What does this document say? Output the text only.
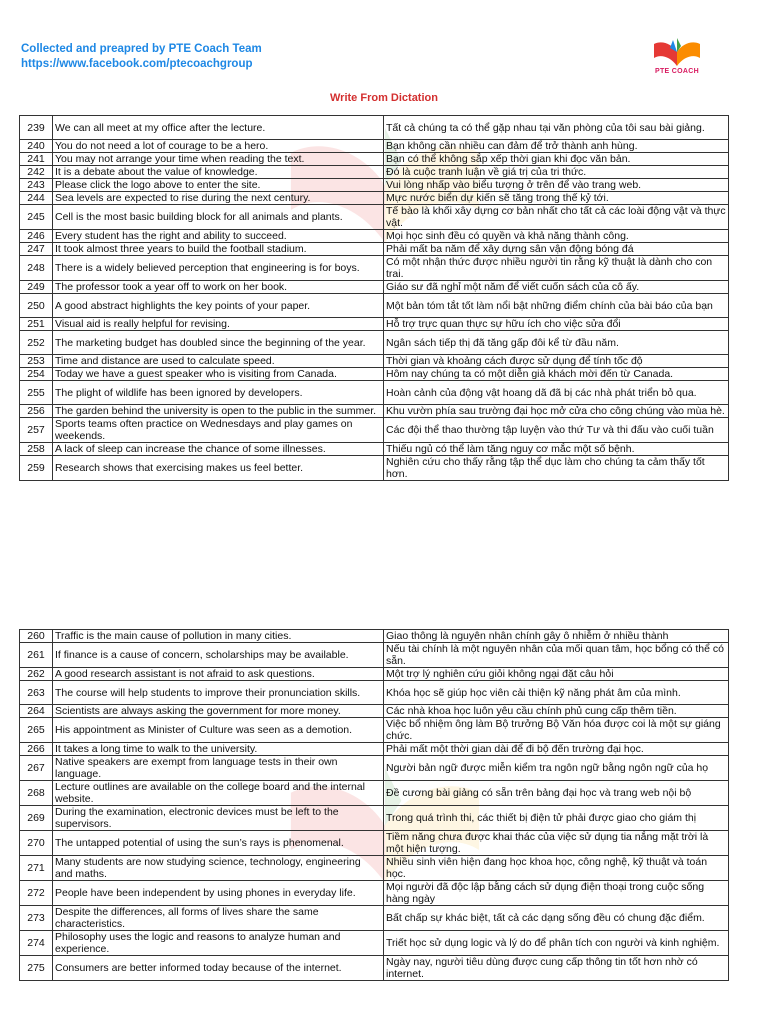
Collected and preapred by PTE Coach Team
https://www.facebook.com/ptecoachgroup
PTE COACH
Write From Dictation
239	We can all meet at my office after the lecture.	Tất cả chúng ta có thể gặp nhau tại văn phòng của tôi sau bài giảng.
240	You do not need a lot of courage to be a hero.	Bạn không cần nhiều can đảm để trở thành anh hùng.
241	You may not arrange your time when reading the text.	Bạn có thể không sắp xếp thời gian khi đọc văn bản.
242	It is a debate about the value of knowledge.	Đó là cuộc tranh luận về giá trị của tri thức.
243	Please click the logo above to enter the site.	Vui lòng nhấp vào biểu tượng ở trên để vào trang web.
244	Sea levels are expected to rise during the next century.	Mực nước biển dự kiến sẽ tăng trong thế kỷ tới.
245	Cell is the most basic building block for all animals and plants.	Tế bào là khối xây dựng cơ bản nhất cho tất cả các loài động vật và thực vật.
246	Every student has the right and ability to succeed.	Mọi học sinh đều có quyền và khả năng thành công.
247	It took almost three years to build the football stadium.	Phải mất ba năm để xây dựng sân vận động bóng đá
248	There is a widely believed perception that engineering is for boys.	Có một nhận thức được nhiều người tin rằng kỹ thuật là dành cho con trai.
249	The professor took a year off to work on her book.	Giáo sư đã nghỉ một năm để viết cuốn sách của cô ấy.
250	A good abstract highlights the key points of your paper.	Một bản tóm tắt tốt làm nổi bật những điểm chính của bài báo của bạn
251	Visual aid is really helpful for revising.	Hỗ trợ trực quan thực sự hữu ích cho việc sửa đổi
252	The marketing budget has doubled since the beginning of the year.	Ngân sách tiếp thị đã tăng gấp đôi kể từ đầu năm.
253	Time and distance are used to calculate speed.	Thời gian và khoảng cách được sử dụng để tính tốc độ
254	Today we have a guest speaker who is visiting from Canada.	Hôm nay chúng ta có một diễn giả khách mời đến từ Canada.
255	The plight of wildlife has been ignored by developers.	Hoàn cảnh của động vật hoang dã đã bị các nhà phát triển bỏ qua.
256	The garden behind the university is open to the public in the summer.	Khu vườn phía sau trường đại học mở cửa cho công chúng vào mùa hè.
257	Sports teams often practice on Wednesdays and play games on weekends.	Các đội thể thao thường tập luyện vào thứ Tư và thi đấu vào cuối tuần
258	A lack of sleep can increase the chance of some illnesses.	Thiếu ngủ có thể làm tăng nguy cơ mắc một số bệnh.
259	Research shows that exercising makes us feel better.	Nghiên cứu cho thấy rằng tập thể dục làm cho chúng ta cảm thấy tốt hơn.
260	Traffic is the main cause of pollution in many cities.	Giao thông là nguyên nhân chính gây ô nhiễm ở nhiều thành
261	If finance is a cause of concern, scholarships may be available.	Nếu tài chính là một nguyên nhân của mối quan tâm, học bổng có thể có sẵn.
262	A good research assistant is not afraid to ask questions.	Một trợ lý nghiên cứu giỏi không ngại đặt câu hỏi
263	The course will help students to improve their pronunciation skills.	Khóa học sẽ giúp học viên cải thiện kỹ năng phát âm của mình.
264	Scientists are always asking the government for more money.	Các nhà khoa học luôn yêu cầu chính phủ cung cấp thêm tiền.
265	His appointment as Minister of Culture was seen as a demotion.	Việc bổ nhiệm ông làm Bộ trưởng Bộ Văn hóa được coi là một sự giáng chức.
266	It takes a long time to walk to the university.	Phải mất một thời gian dài để đi bộ đến trường đại học.
267	Native speakers are exempt from language tests in their own language.	Người bản ngữ được miễn kiểm tra ngôn ngữ bằng ngôn ngữ của họ
268	Lecture outlines are available on the college board and the internal website.	Đề cương bài giảng có sẵn trên bảng đại học và trang web nội bộ
269	During the examination, electronic devices must be left to the supervisors.	Trong quá trình thi, các thiết bị điện tử phải được giao cho giám thị
270	The untapped potential of using the sun’s rays is phenomenal.	Tiềm năng chưa được khai thác của việc sử dụng tia nắng mặt trời là một hiện tượng.
271	Many students are now studying science, technology, engineering and maths.	Nhiều sinh viên hiện đang học khoa học, công nghệ, kỹ thuật và toán học.
272	People have been independent by using phones in everyday life.	Mọi người đã độc lập bằng cách sử dụng điện thoại trong cuộc sống hàng ngày
273	Despite the differences, all forms of lives share the same characteristics.	Bất chấp sự khác biệt, tất cả các dạng sống đều có chung đặc điểm.
274	Philosophy uses the logic and reasons to analyze human and experience.	Triết học sử dụng logic và lý do để phân tích con người và kinh nghiệm.
275	Consumers are better informed today because of the internet.	Ngày nay, người tiêu dùng được cung cấp thông tin tốt hơn nhờ có internet.
